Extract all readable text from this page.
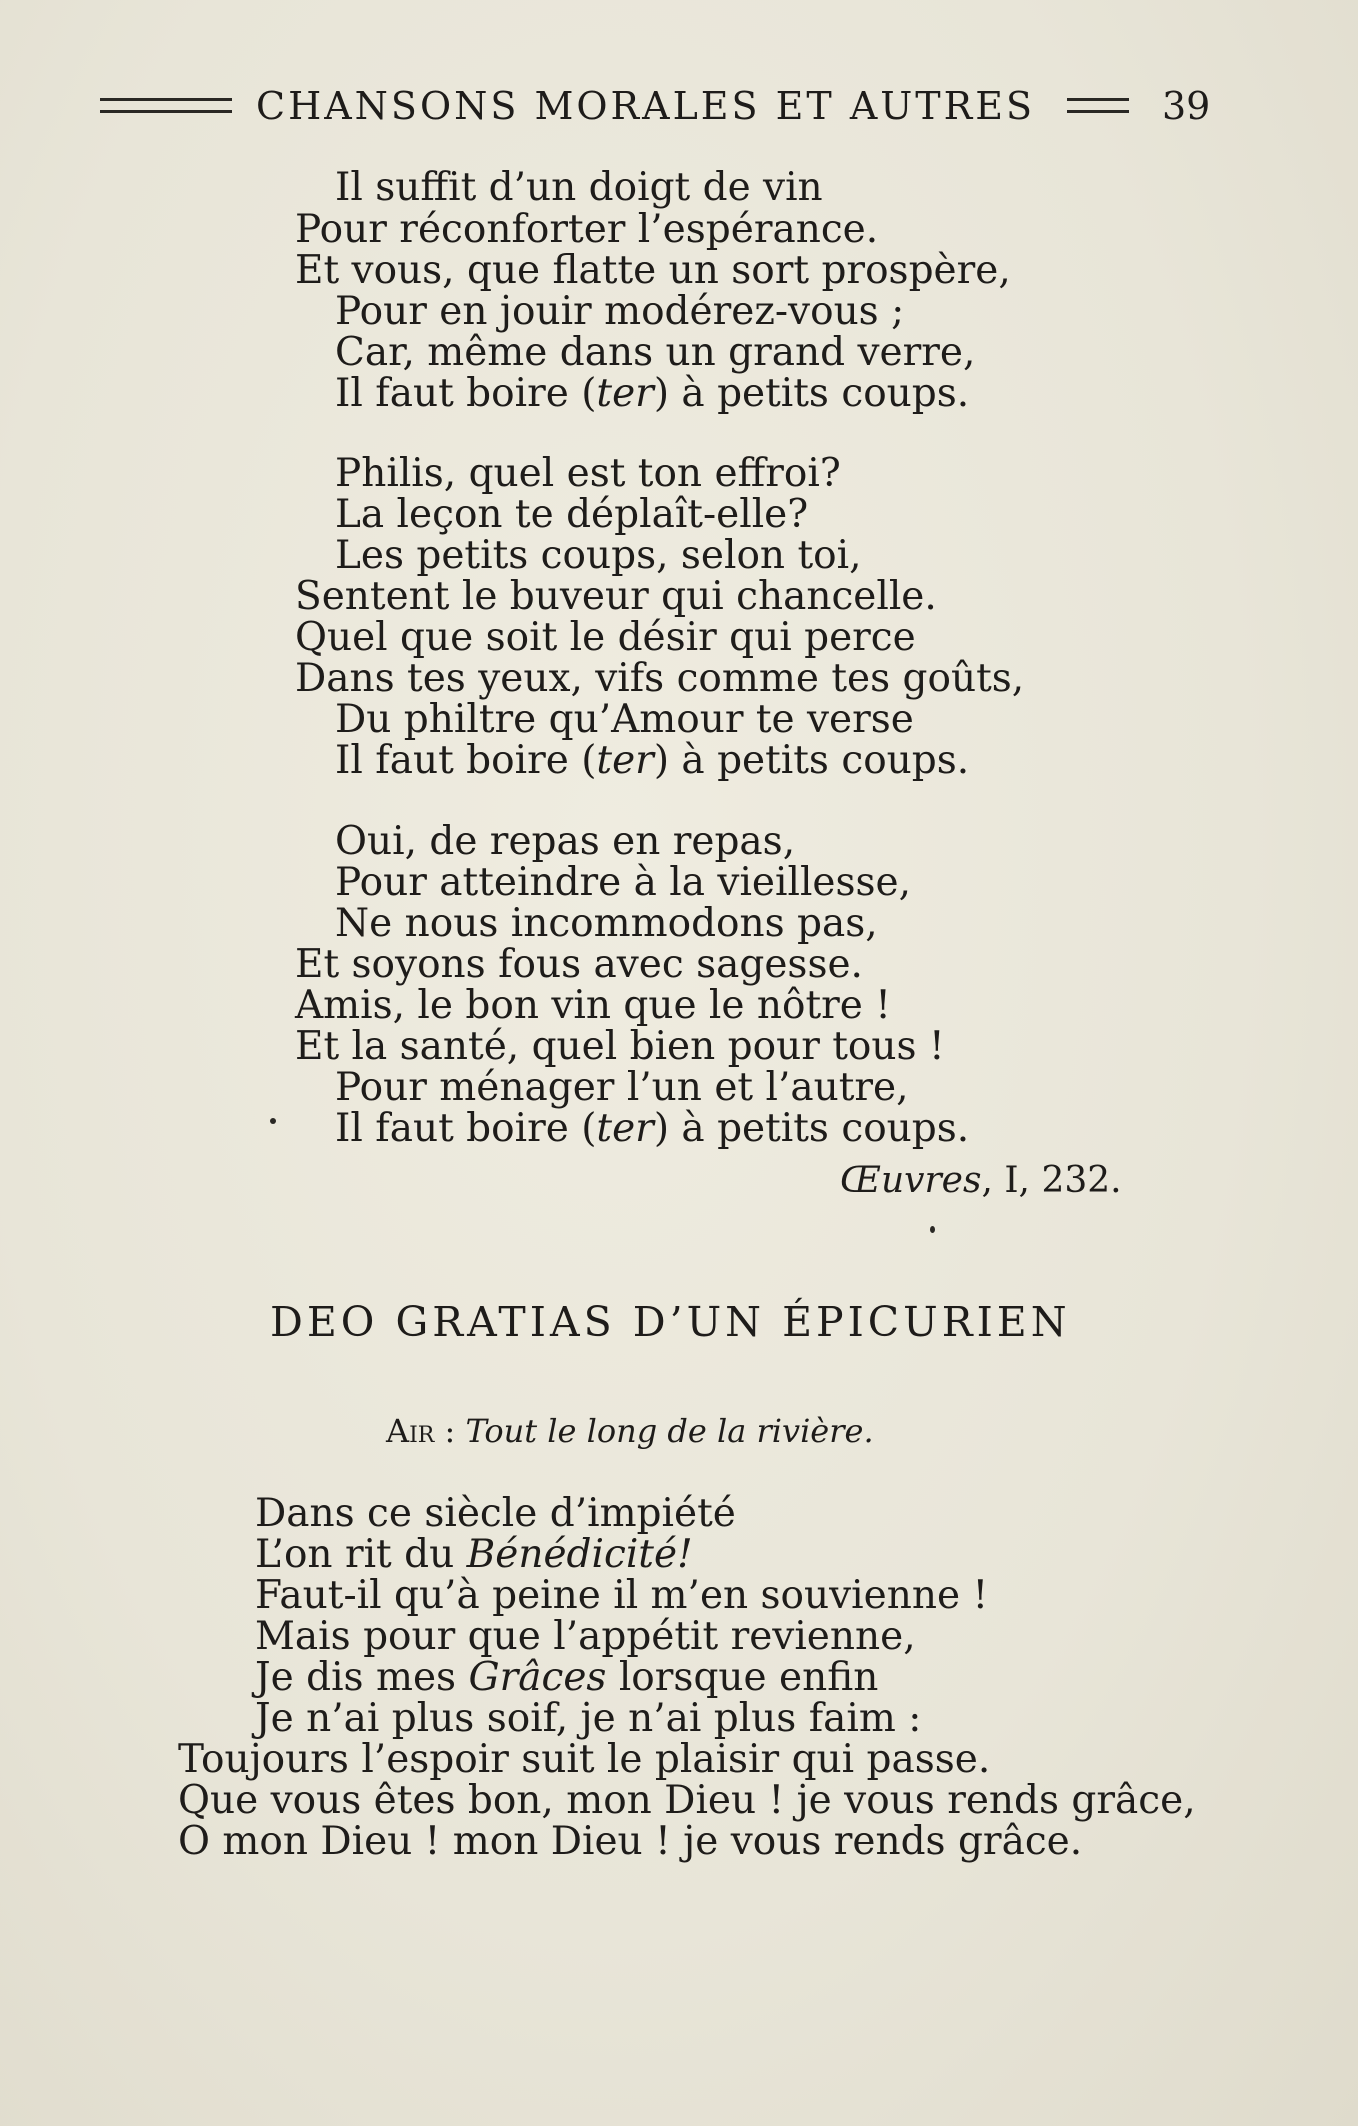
CHANSONS MORALES ET AUTRES	39
Il suffit d’un doigt de vin
Pour réconforter l’espérance.
Et vous, que flatte un sort prospère,
Pour en jouir modérez-vous ;
Car, même dans un grand verre,
Il faut boire (ter) à petits coups.
Philis, quel est ton effroi?
La leçon te déplaît-elle?
Les petits coups, selon toi,
Sentent le buveur qui chancelle.
Quel que soit le désir qui perce
Dans tes yeux, vifs comme tes goûts,
Du philtre qu’Amour te verse
Il faut boire (ter) à petits coups.
Oui, de repas en repas,
Pour atteindre à la vieillesse,
Ne nous incommodons pas,
Et soyons fous avec sagesse.
Amis, le bon vin que le nôtre !
Et la santé, quel bien pour tous !
Pour ménager l’un et l’autre,
Il faut boire (ter) à petits coups.
Œuvres, I, 232.
DEO GRATIAS D’UN ÉPICURIEN
Air : Tout le long de la rivière.
Dans ce siècle d’impiété
L’on rit du Bénédicité!
Faut-il qu’à peine il m’en souvienne !
Mais pour que l’appétit revienne,
Je dis mes Grâces lorsque enfin
Je n’ai plus soif, je n’ai plus faim :
Toujours l’espoir suit le plaisir qui passe.
Que vous êtes bon, mon Dieu ! je vous rends grâce,
O mon Dieu ! mon Dieu ! je vous rends grâce.
